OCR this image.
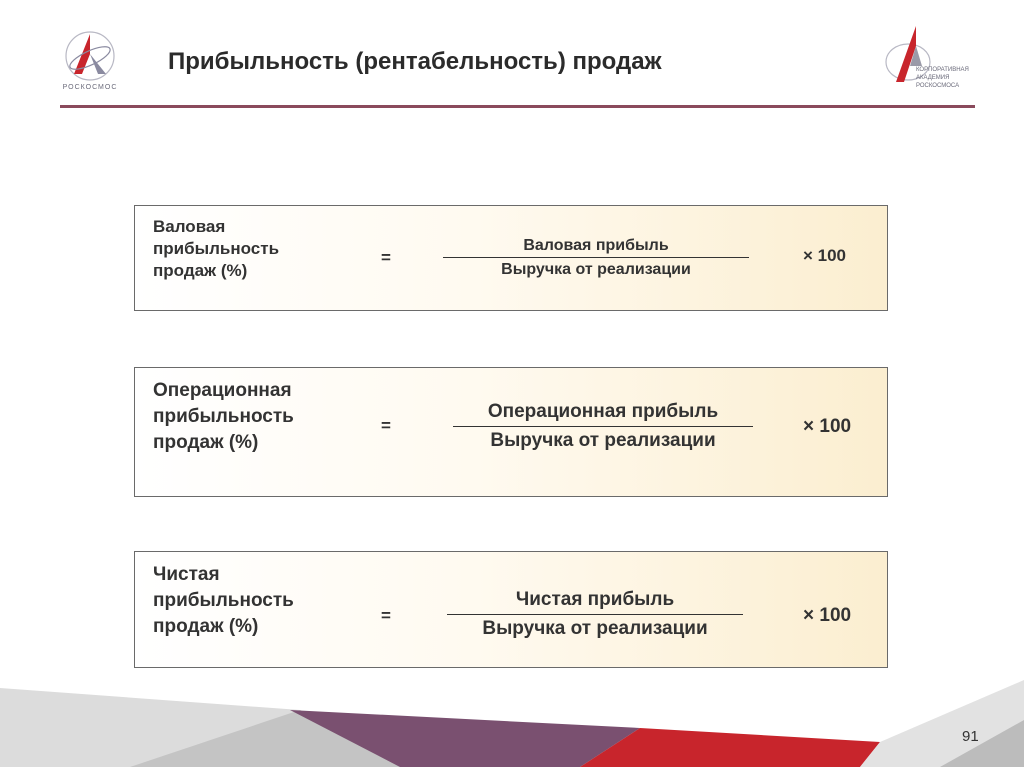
РОСКОСМОС
Прибыльность (рентабельность) продаж	КОРПОРАТИВНАЯ АКАДЕМИЯ РОСКОСМОСА
Валовая
прибыльность
продаж (%)
=
Валовая прибыль
Выручка от реализации
× 100
Операционная
прибыльность
продаж (%)
=
Операционная прибыль
Выручка от реализации
× 100
Чистая
прибыльность
продаж (%)
=
Чистая прибыль
Выручка от реализации
× 100
91
